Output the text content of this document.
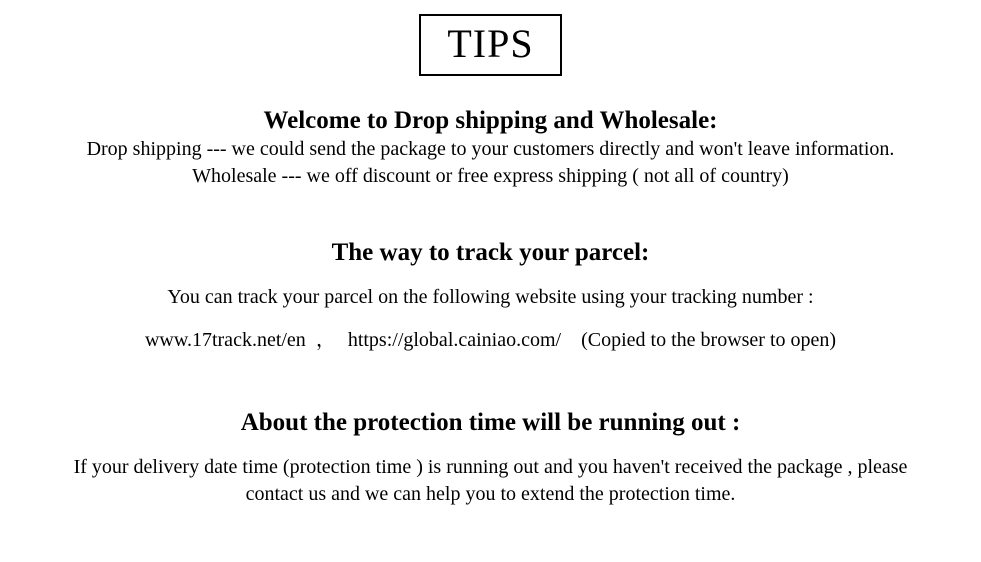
TIPS
Welcome to Drop shipping and Wholesale:
Drop shipping --- we could send the package to your customers directly and won't leave information.
Wholesale --- we off discount or free express shipping ( not all of country)
The way to track your parcel:
You can track your parcel on the following website using your tracking number :
www.17track.net/en ， https://global.cainiao.com/ (Copied to the browser to open)
About the protection time will be running out :
If your delivery date time (protection time ) is running out and you haven't received the package , please contact us and we can help you to extend the protection time.
